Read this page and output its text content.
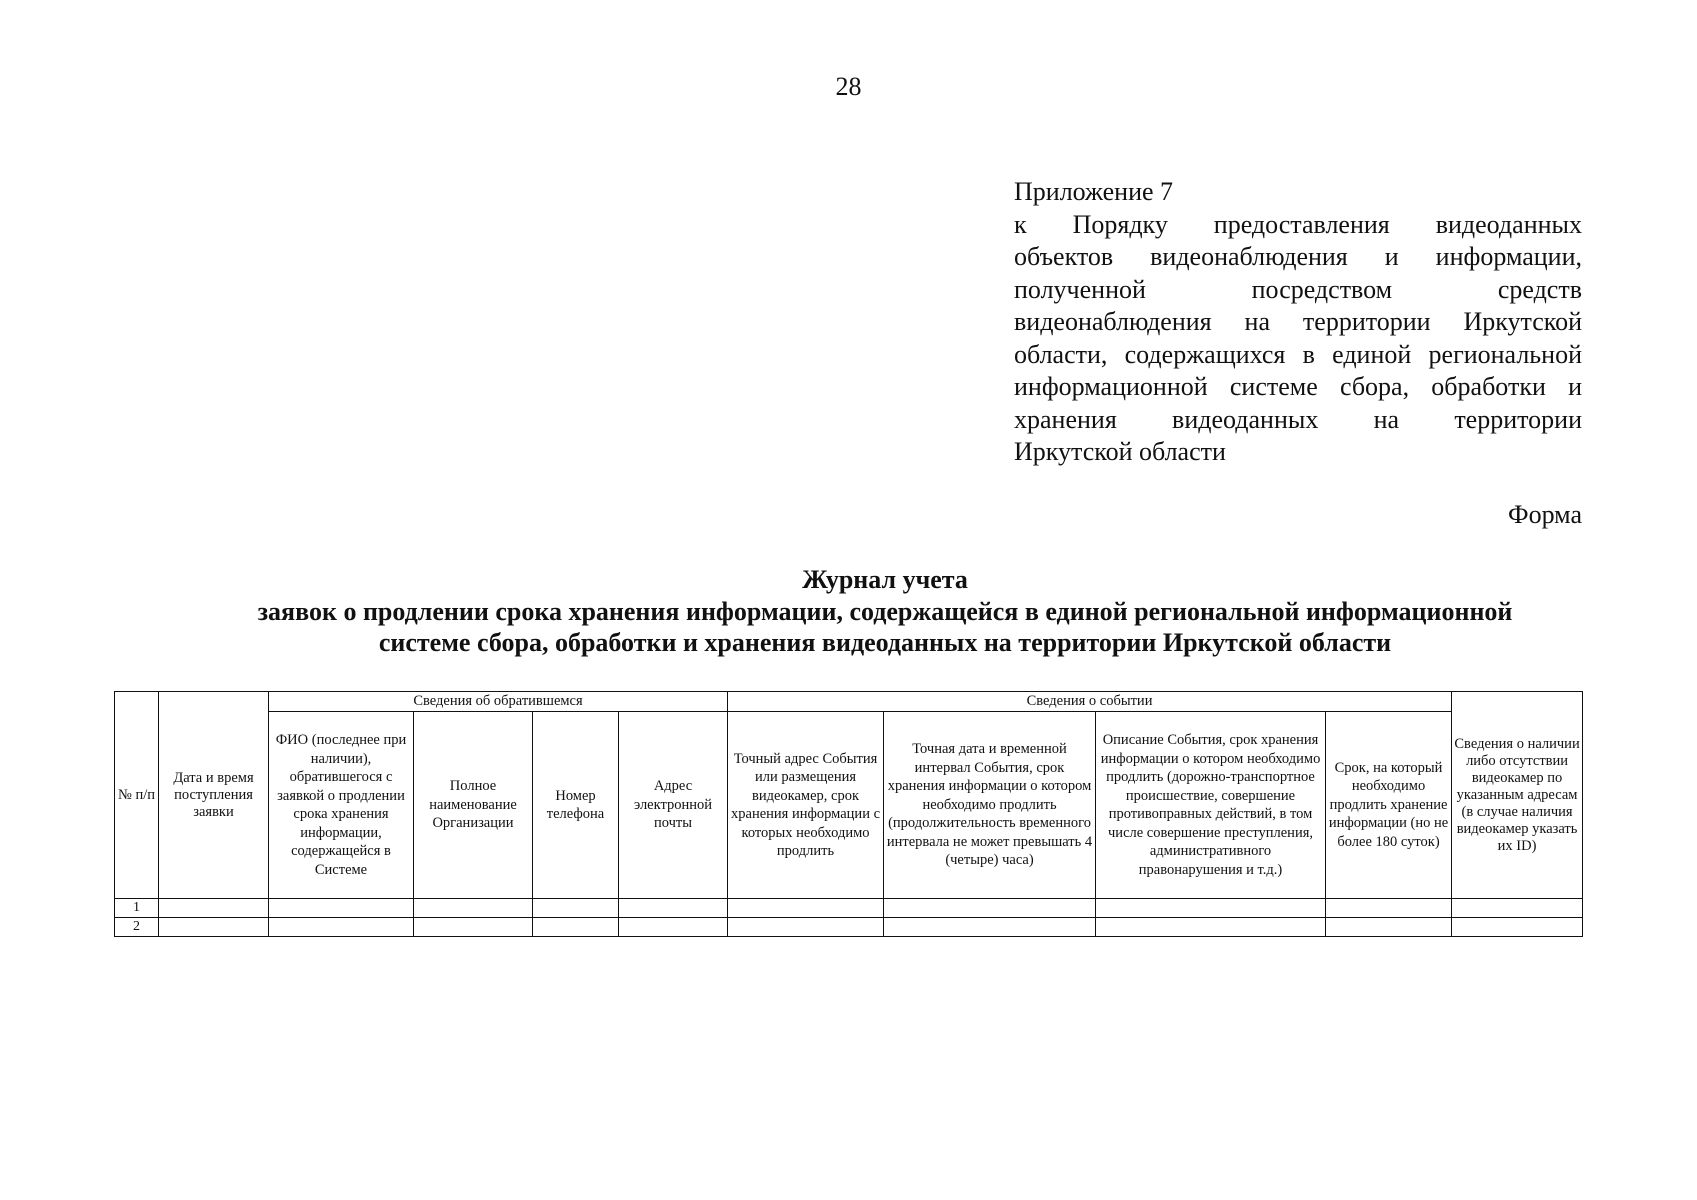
28
Приложение 7
к Порядку предоставления видеоданных
объектов видеонаблюдения и информации,
полученной посредством средств
видеонаблюдения на территории Иркутской
области, содержащихся в единой региональной
информационной системе сбора, обработки и
хранения видеоданных на территории
Иркутской области
Форма
Журнал учета
заявок о продлении срока хранения информации, содержащейся в единой региональной информационной
системе сбора, обработки и хранения видеоданных на территории Иркутской области
№ п/п	Дата и время поступления заявки	Сведения об обратившемся				Сведения о событии				Сведения о наличии либо отсутствии видеокамер по указанным адресам (в случае наличия видеокамер указать их ID)
		ФИО (последнее при наличии), обратившегося с заявкой о продлении срока хранения информации, содержащейся в Системе	Полное наименование Организации	Номер телефона	Адрес электронной почты	Точный адрес События или размещения видеокамер, срок хранения информации с которых необходимо продлить	Точная дата и временной интервал События, срок хранения информации о котором необходимо продлить (продолжительность временного интервала не может превышать 4 (четыре) часа)	Описание События, срок хранения информации о котором необходимо продлить (дорожно-транспортное происшествие, совершение противоправных действий, в том числе совершение преступления, административного правонарушения и т.д.)	Срок, на который необходимо продлить хранение информации (но не более 180 суток)	
1										
2										
